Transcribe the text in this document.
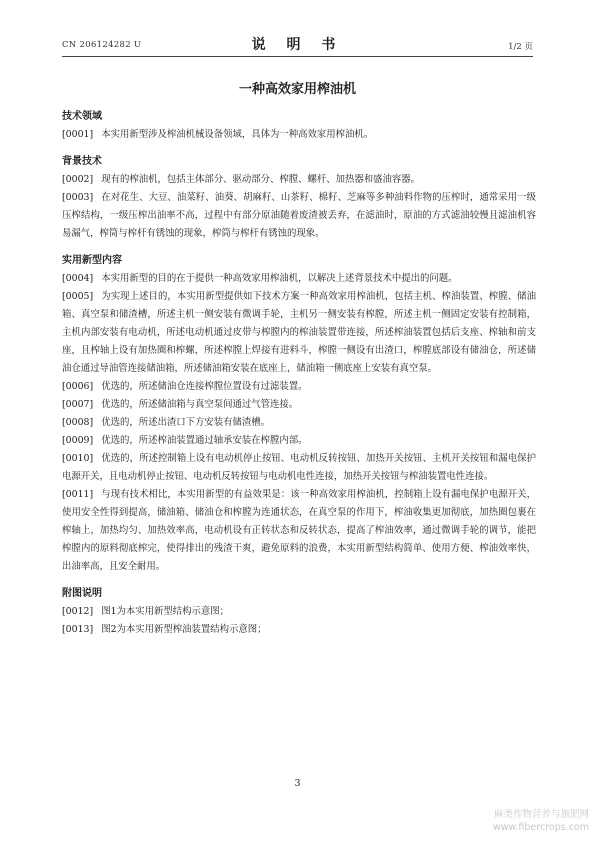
CN 206124282 U	说 明 书	1/2 页
一种高效家用榨油机
技术领域
[0001] 本实用新型涉及榨油机械设备领域，具体为一种高效家用榨油机。
背景技术
[0002] 现有的榨油机，包括主体部分、驱动部分、榨膛、螺杆、加热器和盛油容器。
[0003] 在对花生、大豆、油菜籽、油葵、胡麻籽、山茶籽、棉籽、芝麻等多种油料作物的压榨时，通常采用一级压榨结构，一级压榨出油率不高，过程中有部分原油随着废渣被丢弃，在滤油时，原油的方式滤油较慢且滤油机容易漏气，榨筒与榨杆有锈蚀的现象，榨筒与榨杆有锈蚀的现象。
实用新型内容
[0004] 本实用新型的目的在于提供一种高效家用榨油机，以解决上述背景技术中提出的问题。
[0005] 为实现上述目的，本实用新型提供如下技术方案一种高效家用榨油机，包括主机、榨油装置、榨膛、储油箱、真空泵和储渣槽，所述主机一侧安装有微调手轮，主机另一侧安装有榨膛，所述主机一侧固定安装有控制箱，主机内部安装有电动机，所述电动机通过皮带与榨膛内的榨油装置带连接，所述榨油装置包括后支座、榨轴和前支座，且榨轴上设有加热圈和榨螺，所述榨膛上焊接有进料斗，榨膛一侧设有出渣口，榨膛底部设有储油仓，所述储油仓通过导油管连接储油箱，所述储油箱安装在底座上，储油箱一侧底座上安装有真空泵。
[0006] 优选的，所述储油仓连接榨膛位置设有过滤装置。
[0007] 优选的，所述储油箱与真空泵间通过气管连接。
[0008] 优选的，所述出渣口下方安装有储渣槽。
[0009] 优选的，所述榨油装置通过轴承安装在榨膛内部。
[0010] 优选的，所述控制箱上设有电动机停止按钮、电动机反转按钮、加热开关按钮、主机开关按钮和漏电保护电源开关，且电动机停止按钮、电动机反转按钮与电动机电性连接，加热开关按钮与榨油装置电性连接。
[0011] 与现有技术相比，本实用新型的有益效果是：该一种高效家用榨油机，控制箱上设有漏电保护电源开关，使用安全性得到提高，储油箱、储油仓和榨膛为连通状态，在真空泵的作用下，榨油收集更加彻底，加热圈包裹在榨轴上，加热均匀、加热效率高，电动机设有正转状态和反转状态，提高了榨油效率，通过微调手轮的调节，能把榨膛内的原料彻底榨完，使得排出的残渣干爽，避免原料的浪费，本实用新型结构简单、使用方便、榨油效率快，出油率高，且安全耐用。
附图说明
[0012] 图1为本实用新型结构示意图；
[0013] 图2为本实用新型榨油装置结构示意图；
3
麻类作物营养与施肥网
www.fibercrops.com
